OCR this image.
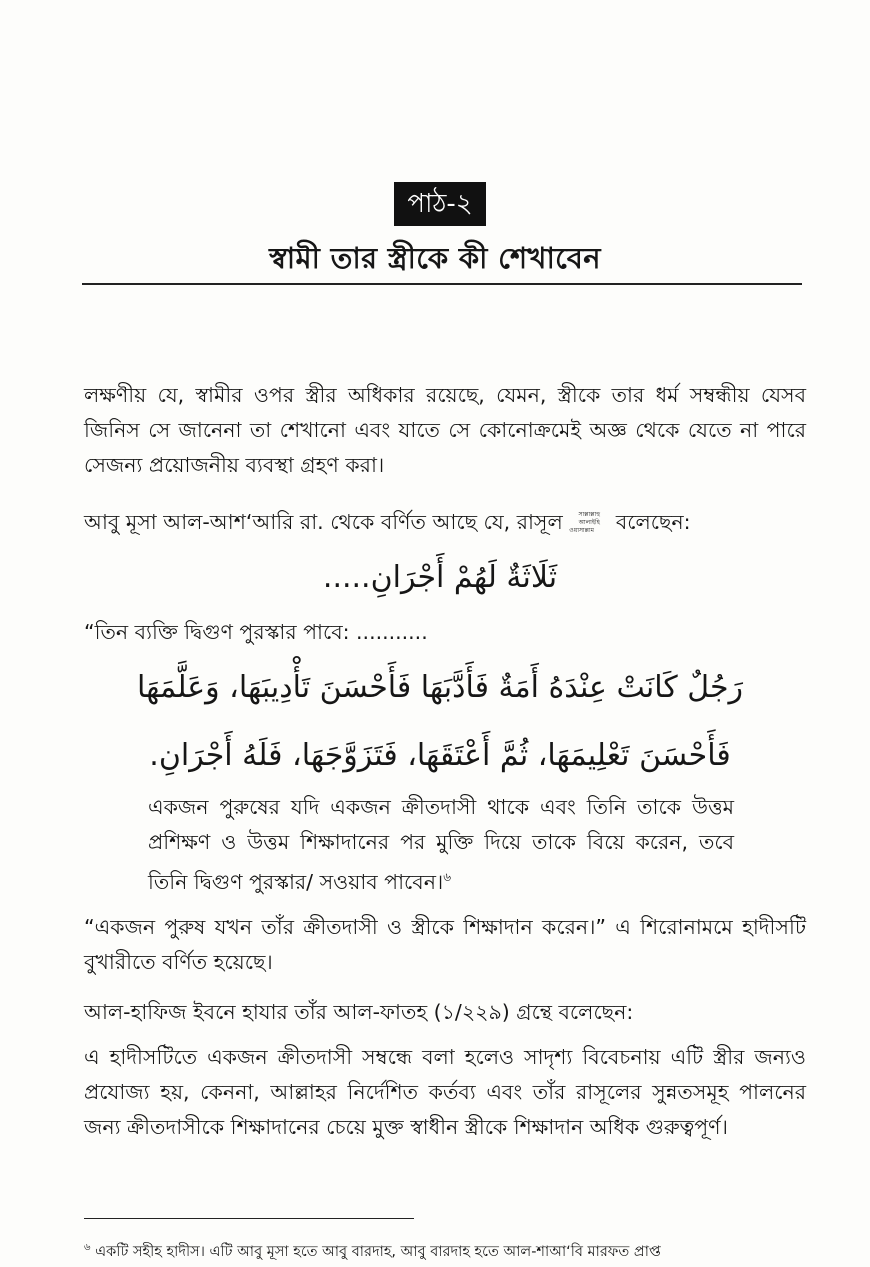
পাঠ-২
স্বামী তার স্ত্রীকে কী শেখাবেন
লক্ষণীয় যে, স্বামীর ওপর স্ত্রীর অধিকার রয়েছে, যেমন, স্ত্রীকে তার ধর্ম সম্বন্ধীয় যেসব জিনিস সে জানেনা তা শেখানো এবং যাতে সে কোনোক্রমেই অজ্ঞ থেকে যেতে না পারে সেজন্য প্রয়োজনীয় ব্যবস্থা গ্রহণ করা।
আবু মূসা আল-আশ‘আরি রা. থেকে বর্ণিত আছে যে, রাসূল	সাল্লাল্লাহু আলাইহি ওয়াসাল্লাম বলেছেন:
ثَلَاثَةٌ لَهُمْ أَجْرَانِ.....
“তিন ব্যক্তি দ্বিগুণ পুরস্কার পাবে: ...........
رَجُلٌ كَانَتْ عِنْدَهُ أَمَةٌ فَأَدَّبَهَا فَأَحْسَنَ تَأْدِيبَهَا، وَعَلَّمَهَا
فَأَحْسَنَ تَعْلِيمَهَا، ثُمَّ أَعْتَقَهَا، فَتَزَوَّجَهَا، فَلَهُ أَجْرَانِ.
একজন পুরুষের যদি একজন ক্রীতদাসী থাকে এবং তিনি তাকে উত্তম প্রশিক্ষণ ও উত্তম শিক্ষাদানের পর মুক্তি দিয়ে তাকে বিয়ে করেন, তবে তিনি দ্বিগুণ পুরস্কার/ সওয়াব পাবেন।$^৬$
“একজন পুরুষ যখন তাঁর ক্রীতদাসী ও স্ত্রীকে শিক্ষাদান করেন।” এ শিরোনামমে হাদীসটি বুখারীতে বর্ণিত হয়েছে।
আল-হাফিজ ইবনে হাযার তাঁর আল-ফাতহ (১/২২৯) গ্রন্থে বলেছেন:
এ হাদীসটিতে একজন ক্রীতদাসী সম্বন্ধে বলা হলেও সাদৃশ্য বিবেচনায় এটি স্ত্রীর জন্যও প্রযোজ্য হয়, কেননা, আল্লাহর নির্দেশিত কর্তব্য এবং তাঁর রাসূলের সুন্নতসমূহ পালনের জন্য ক্রীতদাসীকে শিক্ষাদানের চেয়ে মুক্ত স্বাধীন স্ত্রীকে শিক্ষাদান অধিক গুরুত্বপূর্ণ।
$^৬$ একটি সহীহ হাদীস। এটি আবু মূসা হতে আবু বারদাহ, আবু বারদাহ হতে আল-শাআ‘বি মারফত প্রাপ্ত
